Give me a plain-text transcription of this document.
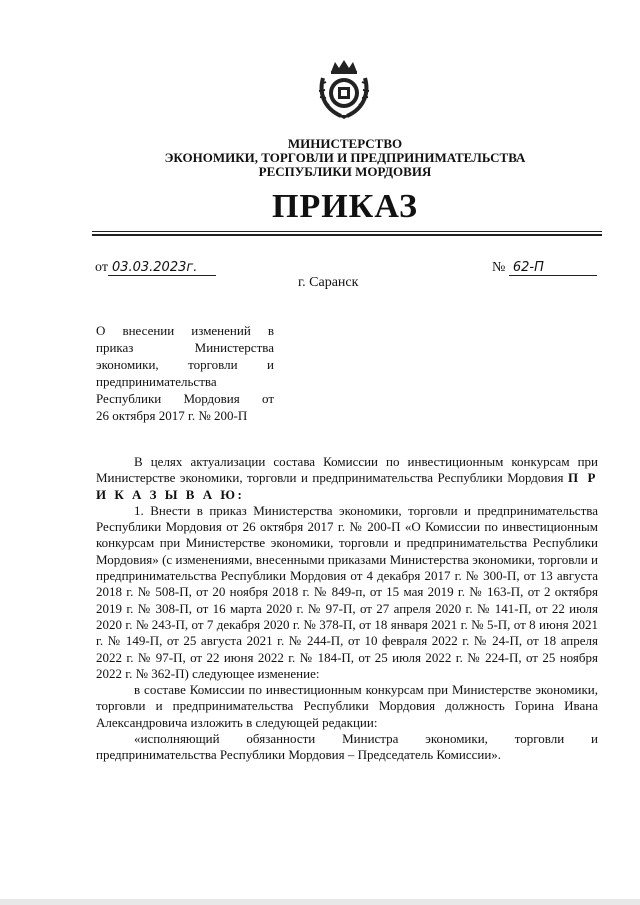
МИНИСТЕРСТВО
ЭКОНОМИКИ, ТОРГОВЛИ И ПРЕДПРИНИМАТЕЛЬСТВА
РЕСПУБЛИКИ МОРДОВИЯ
ПРИКАЗ
от 03.03.2023г.	№ 62-П
г. Саранск
О внесении изменений в
приказ Министерства
экономики, торговли и
предпринимательства
Республики Мордовия от
26 октября 2017 г. № 200-П

В целях актуализации состава Комиссии по инвестиционным конкурсам при Министерстве экономики, торговли и предпринимательства Республики Мордовия П Р И К А З Ы В А Ю:

1. Внести в приказ Министерства экономики, торговли и предпринимательства Республики Мордовия от 26 октября 2017 г. № 200-П «О Комиссии по инвестиционным конкурсам при Министерстве экономики, торговли и предпринимательства Республики Мордовия» (с изменениями, внесенными приказами Министерства экономики, торговли и предпринимательства Республики Мордовия от 4 декабря 2017 г. № 300-П, от 13 августа 2018 г. № 508-П, от 20 ноября 2018 г. № 849-п, от 15 мая 2019 г. № 163-П, от 2 октября 2019 г. № 308-П, от 16 марта 2020 г. № 97-П, от 27 апреля 2020 г. № 141-П, от 22 июля 2020 г. № 243-П, от 7 декабря 2020 г. № 378-П, от 18 января 2021 г. № 5-П, от 8 июня 2021 г. № 149-П, от 25 августа 2021 г. № 244-П, от 10 февраля 2022 г. № 24-П, от 18 апреля 2022 г. № 97-П, от 22 июня 2022 г. № 184-П, от 25 июля 2022 г. № 224-П, от 25 ноября 2022 г. № 362-П) следующее изменение:

в составе Комиссии по инвестиционным конкурсам при Министерстве экономики, торговли и предпринимательства Республики Мордовия должность Горина Ивана Александровича изложить в следующей редакции:

«исполняющий обязанности Министра экономики, торговли и предпринимательства Республики Мордовия – Председатель Комиссии».
